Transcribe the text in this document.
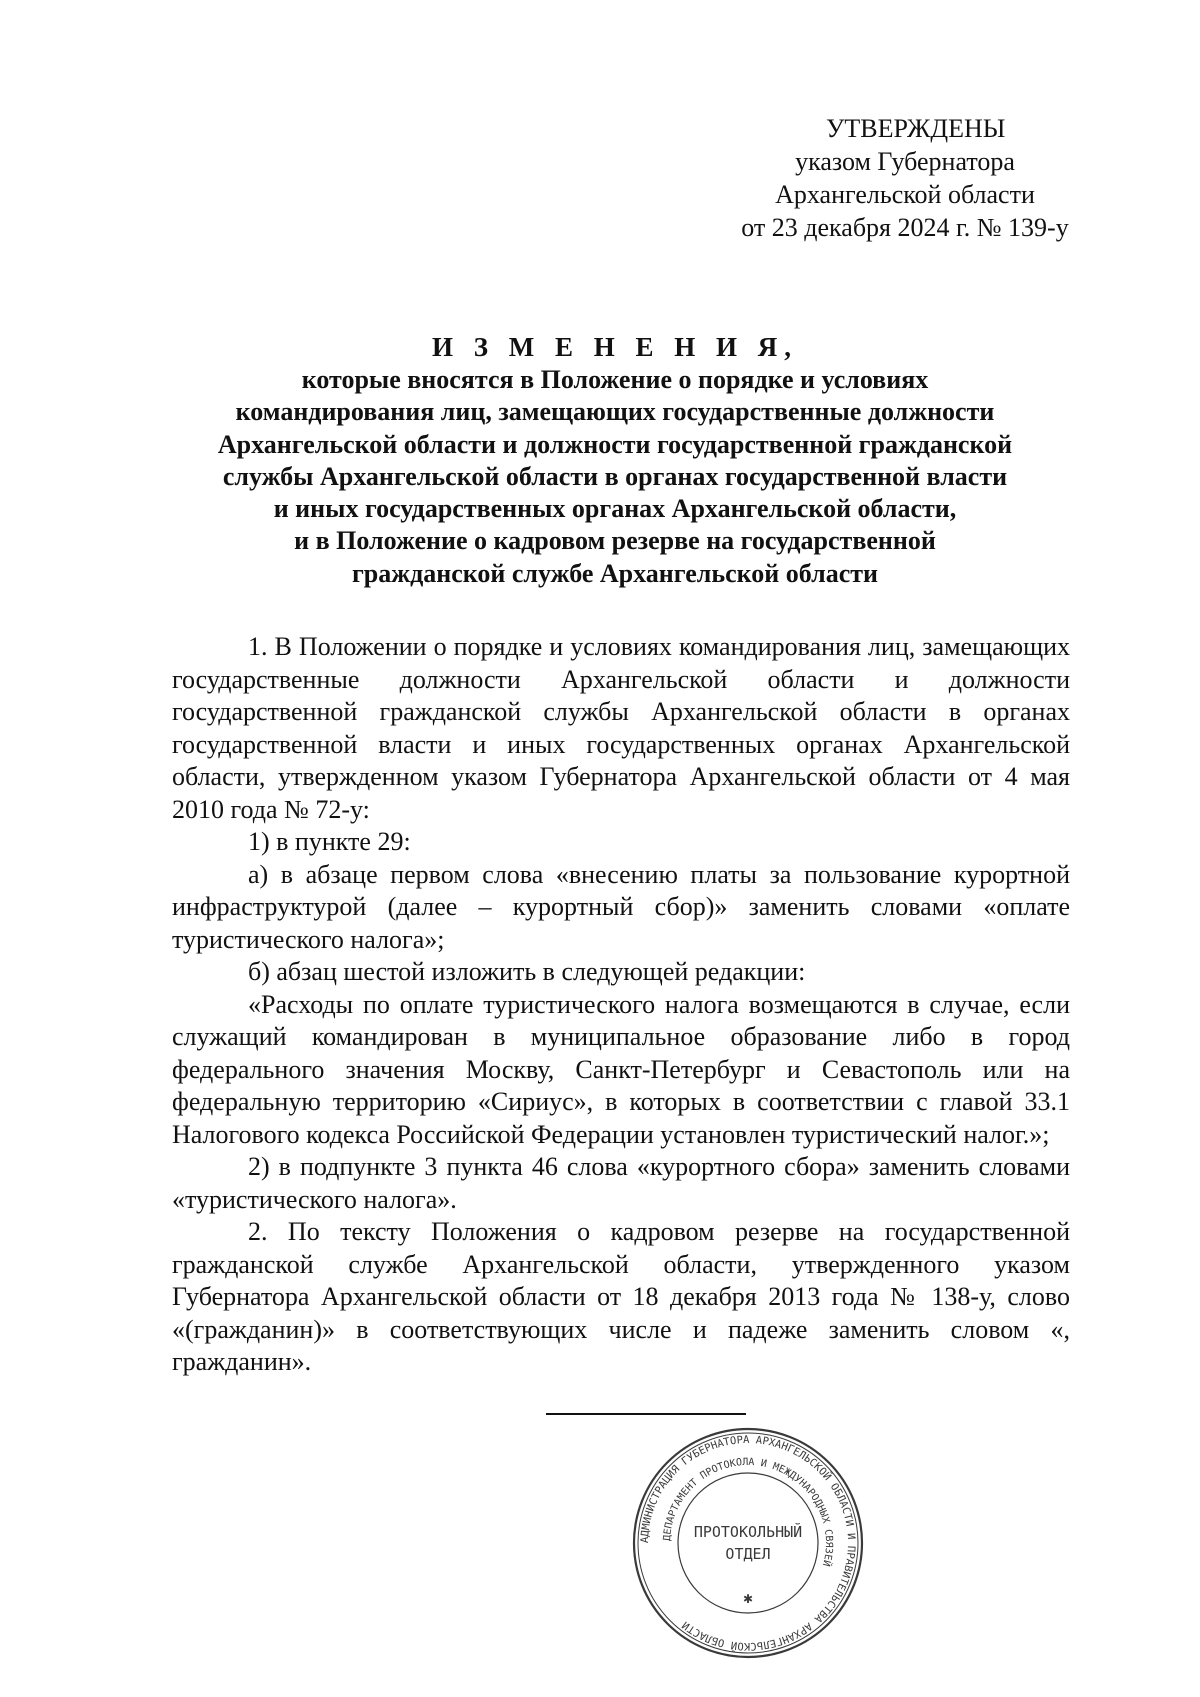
УТВЕРЖДЕНЫ
указом Губернатора
Архангельской области
от 23 декабря 2024 г. № 139-у
И З М Е Н Е Н И Я,
которые вносятся в Положение о порядке и условиях
командирования лиц, замещающих государственные должности
Архангельской области и должности государственной гражданской
службы Архангельской области в органах государственной власти
и иных государственных органах Архангельской области,
и в Положение о кадровом резерве на государственной
гражданской службе Архангельской области

1. В Положении о порядке и условиях командирования лиц, замещающих государственные должности Архангельской области и должности государственной гражданской службы Архангельской области в органах государственной власти и иных государственных органах Архангельской области, утвержденном указом Губернатора Архангельской области от 4 мая 2010 года № 72-у:

1) в пункте 29:

а) в абзаце первом слова «внесению платы за пользование курортной инфраструктурой (далее – курортный сбор)» заменить словами «оплате туристического налога»;

б) абзац шестой изложить в следующей редакции:

«Расходы по оплате туристического налога возмещаются в случае, если служащий командирован в муниципальное образование либо в город федерального значения Москву, Санкт-Петербург и Севастополь или на федеральную территорию «Сириус», в которых в соответствии с главой 33.1 Налогового кодекса Российской Федерации установлен туристический налог.»;

2) в подпункте 3 пункта 46 слова «курортного сбора» заменить словами «туристического налога».

2. По тексту Положения о кадровом резерве на государственной гражданской службе Архангельской области, утвержденного указом Губернатора Архангельской области от 18 декабря 2013 года № 138-у, слово «(гражданин)» в соответствующих числе и падеже заменить словом «, гражданин».

АДМИНИСТРАЦИЯ ГУБЕРНАТОРА АРХАНГЕЛЬСКОЙ ОБЛАСТИ И ПРАВИТЕЛЬСТВА АРХАНГЕЛЬСКОЙ ОБЛАСТИ
ДЕПАРТАМЕНТ ПРОТОКОЛА И МЕЖДУНАРОДНЫХ СВЯЗЕЙ
✱
ПРОТОКОЛЬНЫЙ
ОТДЕЛ
